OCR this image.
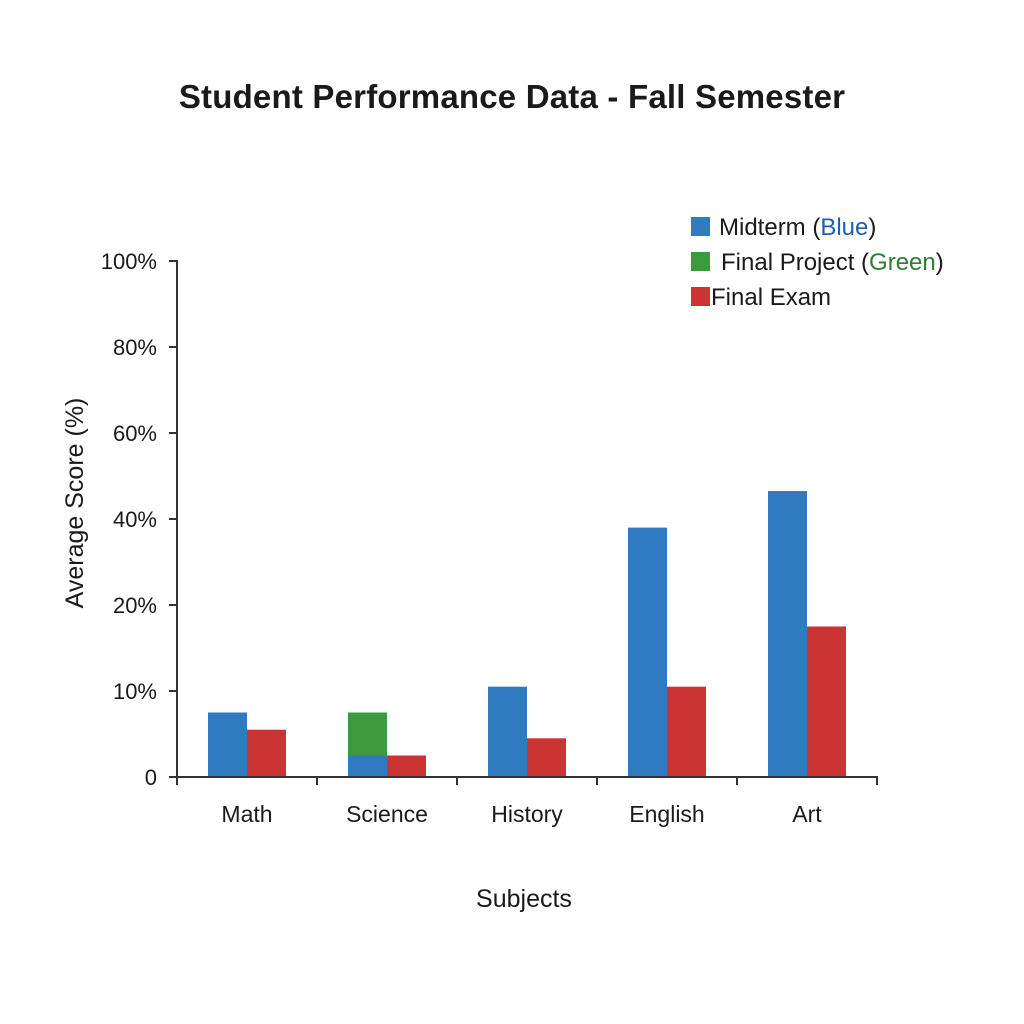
Student Performance Data - Fall Semester
0
10%
20%
40%
60%
80%
100%
Math	Science	History	English	Art
Average Score (%)
Subjects
Midterm (Blue)
Final Project (Green)
Final Exam
